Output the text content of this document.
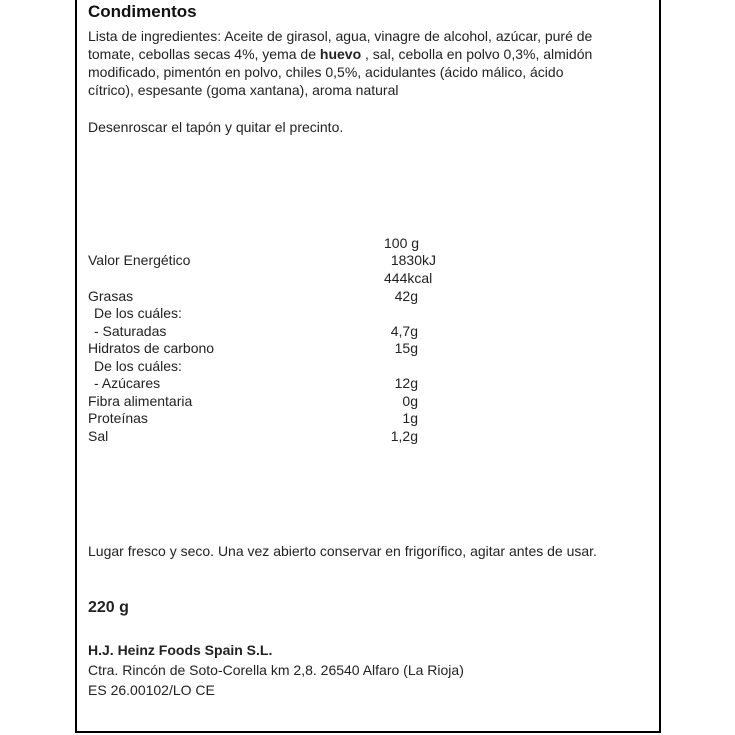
Condimentos
Lista de ingredientes: Aceite de girasol, agua, vinagre de alcohol, azúcar, puré de
tomate, cebollas secas 4%, yema de huevo , sal, cebolla en polvo 0,3%, almidón
modificado, pimentón en polvo, chiles 0,5%, acidulantes (ácido málico, ácido
cítrico), espesante (goma xantana), aroma natural
Desenroscar el tapón y quitar el precinto.
100 g
Valor Energético	1830kJ
444kcal
Grasas	42g
De los cuáles:
- Saturadas	4,7g
Hidratos de carbono	15g
De los cuáles:
- Azúcares	12g
Fibra alimentaria	0g
Proteínas	1g
Sal	1,2g
Lugar fresco y seco. Una vez abierto conservar en frigorífico, agitar antes de usar.
220 g
H.J. Heinz Foods Spain S.L.
Ctra. Rincón de Soto-Corella km 2,8. 26540 Alfaro (La Rioja)
ES 26.00102/LO CE
